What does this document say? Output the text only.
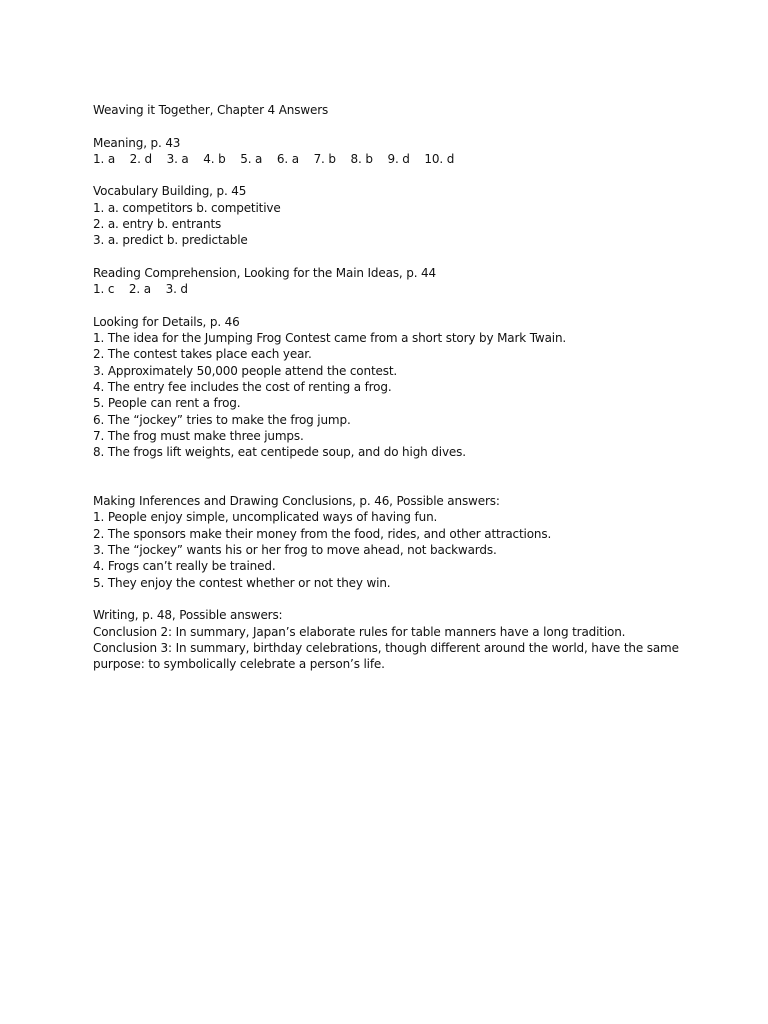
Weaving it Together, Chapter 4 Answers
Meaning, p. 43
1. a    2. d    3. a    4. b    5. a    6. a    7. b    8. b    9. d    10. d
Vocabulary Building, p. 45
1. a. competitors b. competitive
2. a. entry b. entrants
3. a. predict b. predictable
Reading Comprehension, Looking for the Main Ideas, p. 44
1. c    2. a    3. d
Looking for Details, p. 46
1. The idea for the Jumping Frog Contest came from a short story by Mark Twain.
2. The contest takes place each year.
3. Approximately 50,000 people attend the contest.
4. The entry fee includes the cost of renting a frog.
5. People can rent a frog.
6. The “jockey” tries to make the frog jump.
7. The frog must make three jumps.
8. The frogs lift weights, eat centipede soup, and do high dives.
Making Inferences and Drawing Conclusions, p. 46, Possible answers:
1. People enjoy simple, uncomplicated ways of having fun.
2. The sponsors make their money from the food, rides, and other attractions.
3. The “jockey” wants his or her frog to move ahead, not backwards.
4. Frogs can’t really be trained.
5. They enjoy the contest whether or not they win.
Writing, p. 48, Possible answers:
Conclusion 2: In summary, Japan’s elaborate rules for table manners have a long tradition.
Conclusion 3: In summary, birthday celebrations, though different around the world, have the same purpose: to symbolically celebrate a person’s life.
